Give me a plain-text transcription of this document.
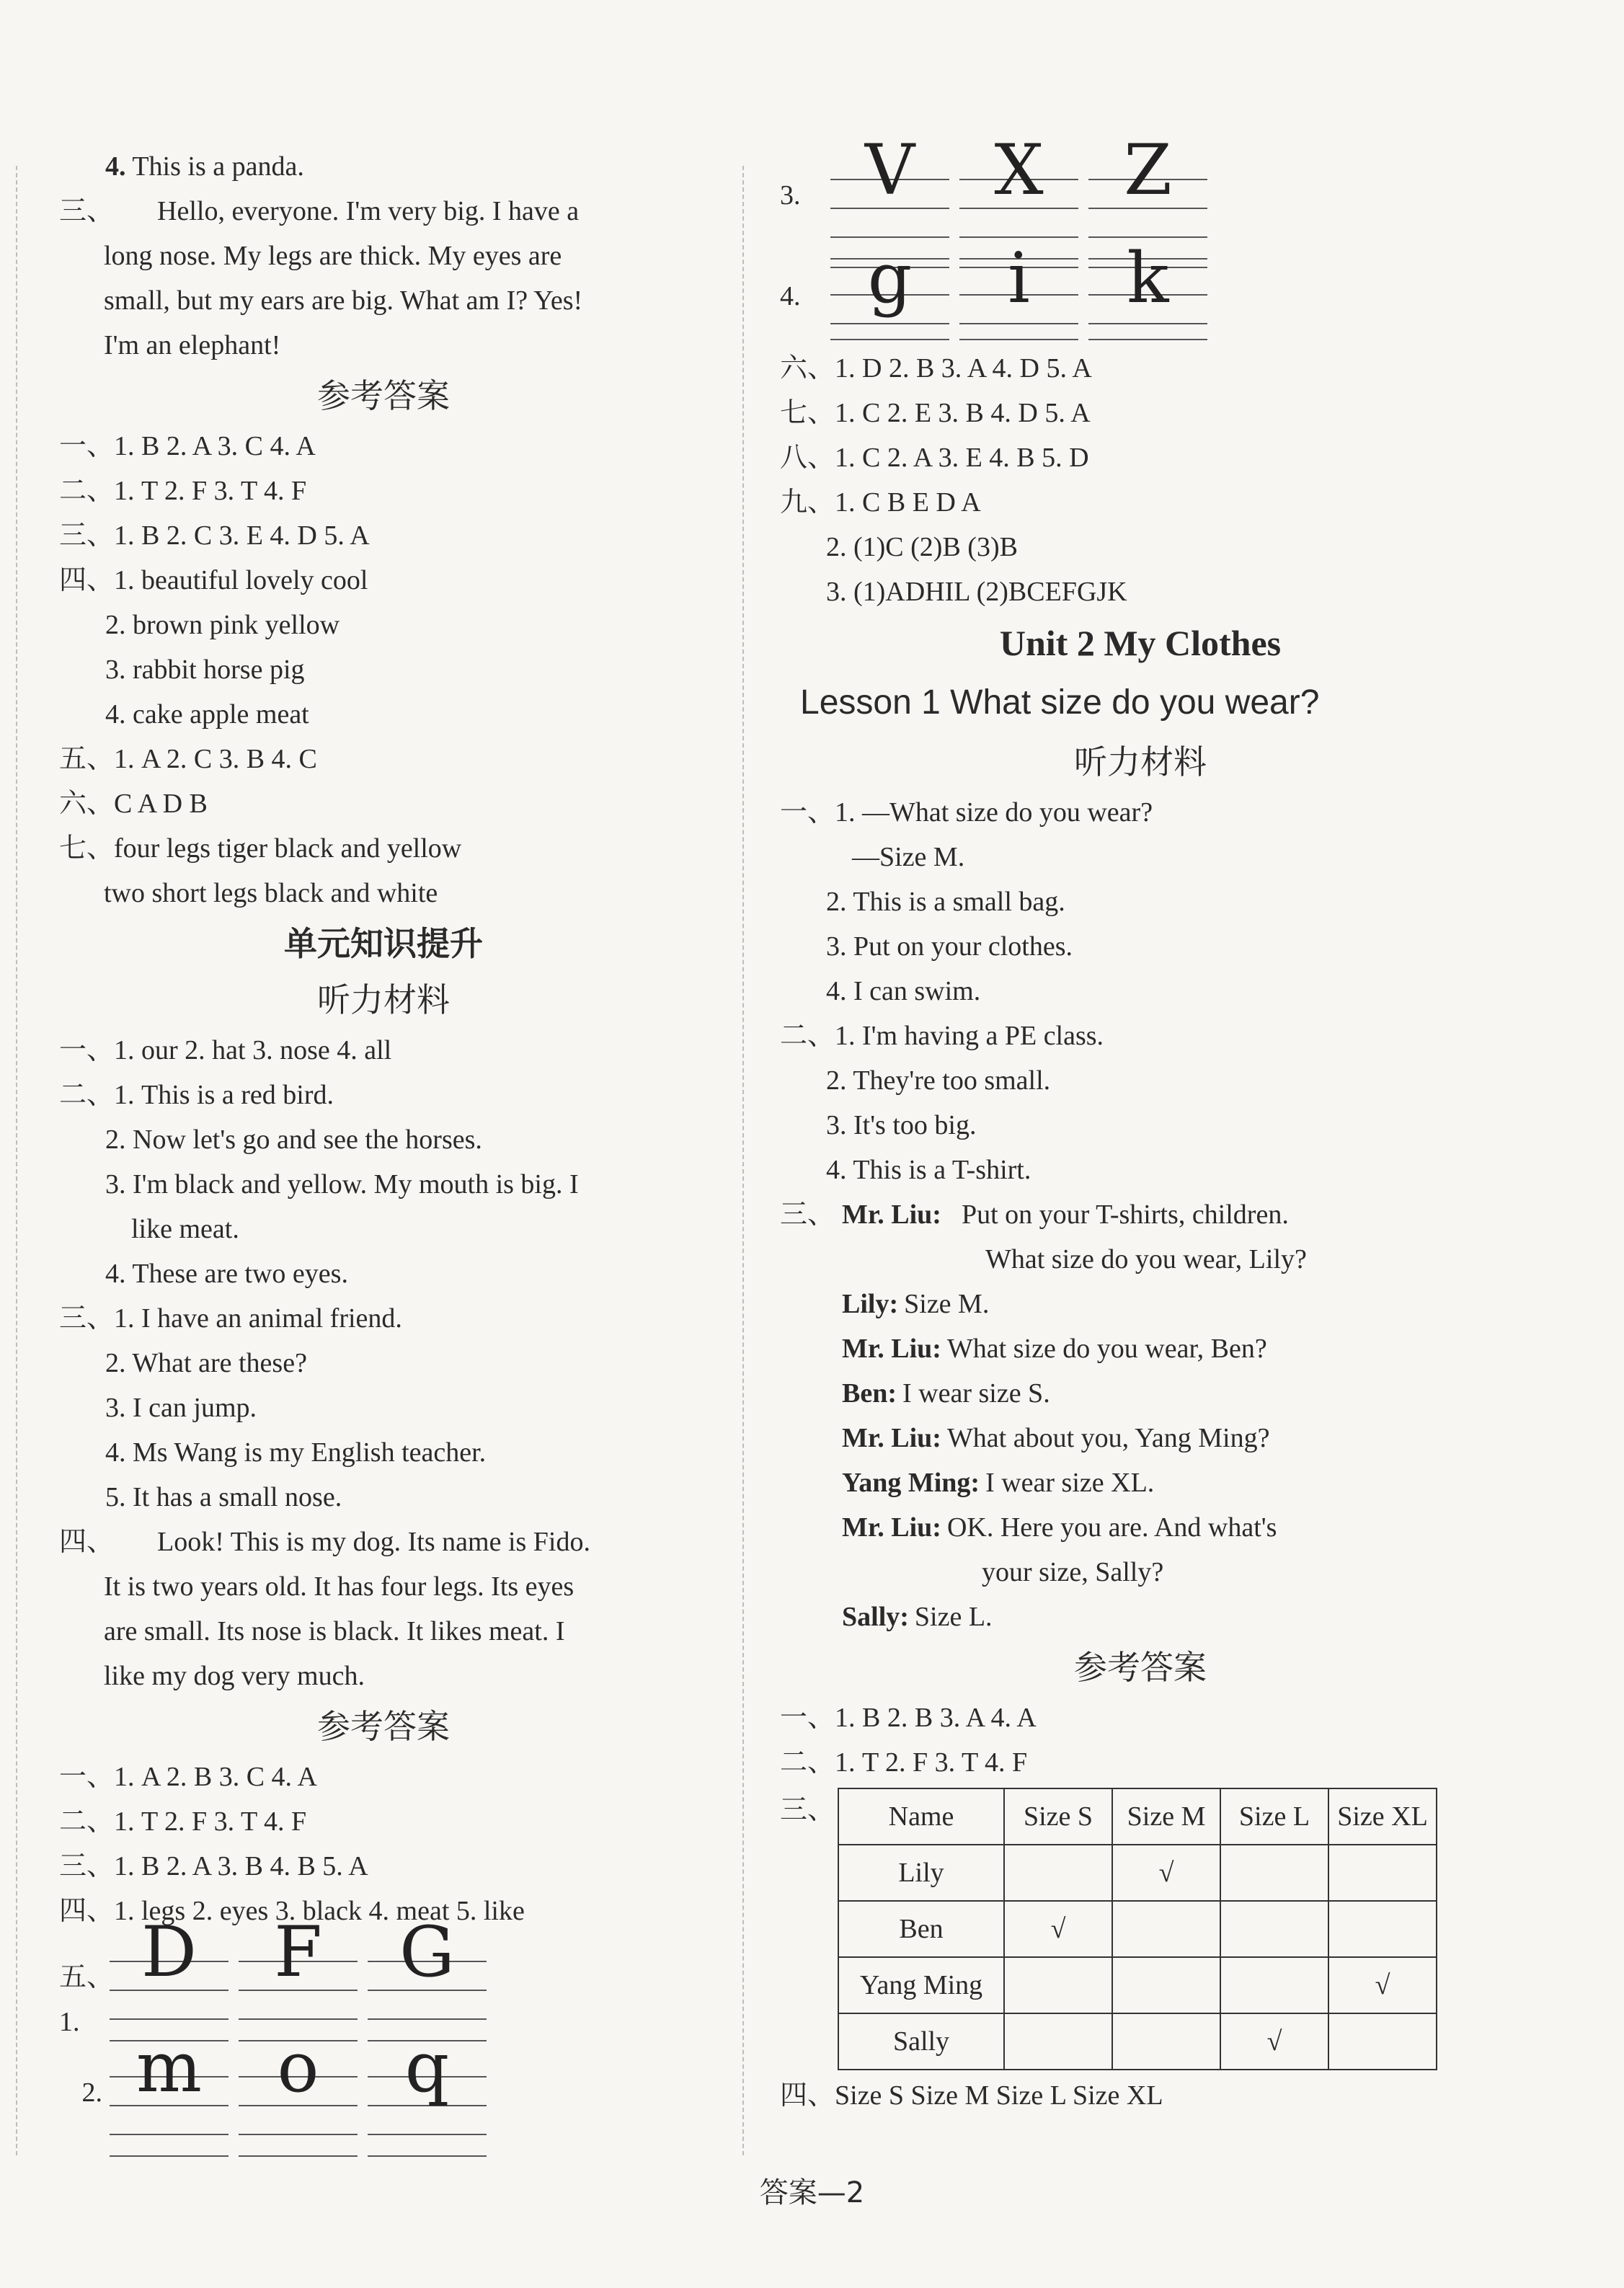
4. This is a panda.
三、 Hello, everyone. I'm very big. I have a
long nose. My legs are thick. My eyes are
small, but my ears are big. What am I? Yes!
I'm an elephant!
参考答案
一、1. B 2. A 3. C 4. A
二、1. T 2. F 3. T 4. F
三、1. B 2. C 3. E 4. D 5. A
四、1. beautiful lovely cool
2. brown pink yellow
3. rabbit horse pig
4. cake apple meat
五、1. A 2. C 3. B 4. C
六、C A D B
七、four legs tiger black and yellow
two short legs black and white
单元知识提升
听力材料
一、1. our 2. hat 3. nose 4. all
二、1. This is a red bird.
2. Now let's go and see the horses.
3. I'm black and yellow. My mouth is big. I
like meat.
4. These are two eyes.
三、1. I have an animal friend.
2. What are these?
3. I can jump.
4. Ms Wang is my English teacher.
5. It has a small nose.
四、 Look! This is my dog. Its name is Fido.
It is two years old. It has four legs. Its eyes
are small. Its nose is black. It likes meat. I
like my dog very much.
参考答案
一、1. A 2. B 3. C 4. A
二、1. T 2. F 3. T 4. F
三、1. B 2. A 3. B 4. B 5. A
四、1. legs 2. eyes 3. black 4. meat 5. like
五、1.
D	F	G
2. m	o	q
3. V	X	Z
4. g	i	k
六、1. D 2. B 3. A 4. D 5. A
七、1. C 2. E 3. B 4. D 5. A
八、1. C 2. A 3. E 4. B 5. D
九、1. C B E D A
2. (1)C (2)B (3)B
3. (1)ADHIL (2)BCEFGJK
Unit 2 My Clothes
Lesson 1 What size do you wear?
听力材料
一、1. —What size do you wear?
—Size M.
2. This is a small bag.
3. Put on your clothes.
4. I can swim.
二、1. I'm having a PE class.
2. They're too small.
3. It's too big.
4. This is a T-shirt.
三、 Mr. Liu: Put on your T-shirts, children.
What size do you wear, Lily?
Lily: Size M.
Mr. Liu: What size do you wear, Ben?
Ben: I wear size S.
Mr. Liu: What about you, Yang Ming?
Yang Ming: I wear size XL.
Mr. Liu: OK. Here you are. And what's
your size, Sally?
Sally: Size L.
参考答案
一、1. B 2. B 3. A 4. A
二、1. T 2. F 3. T 4. F
三、 Name	Size S	Size M	Size L	Size XL
Lily		√		
Ben	√			
Yang Ming				√
Sally			√	
四、Size S Size M Size L Size XL
答案—2
